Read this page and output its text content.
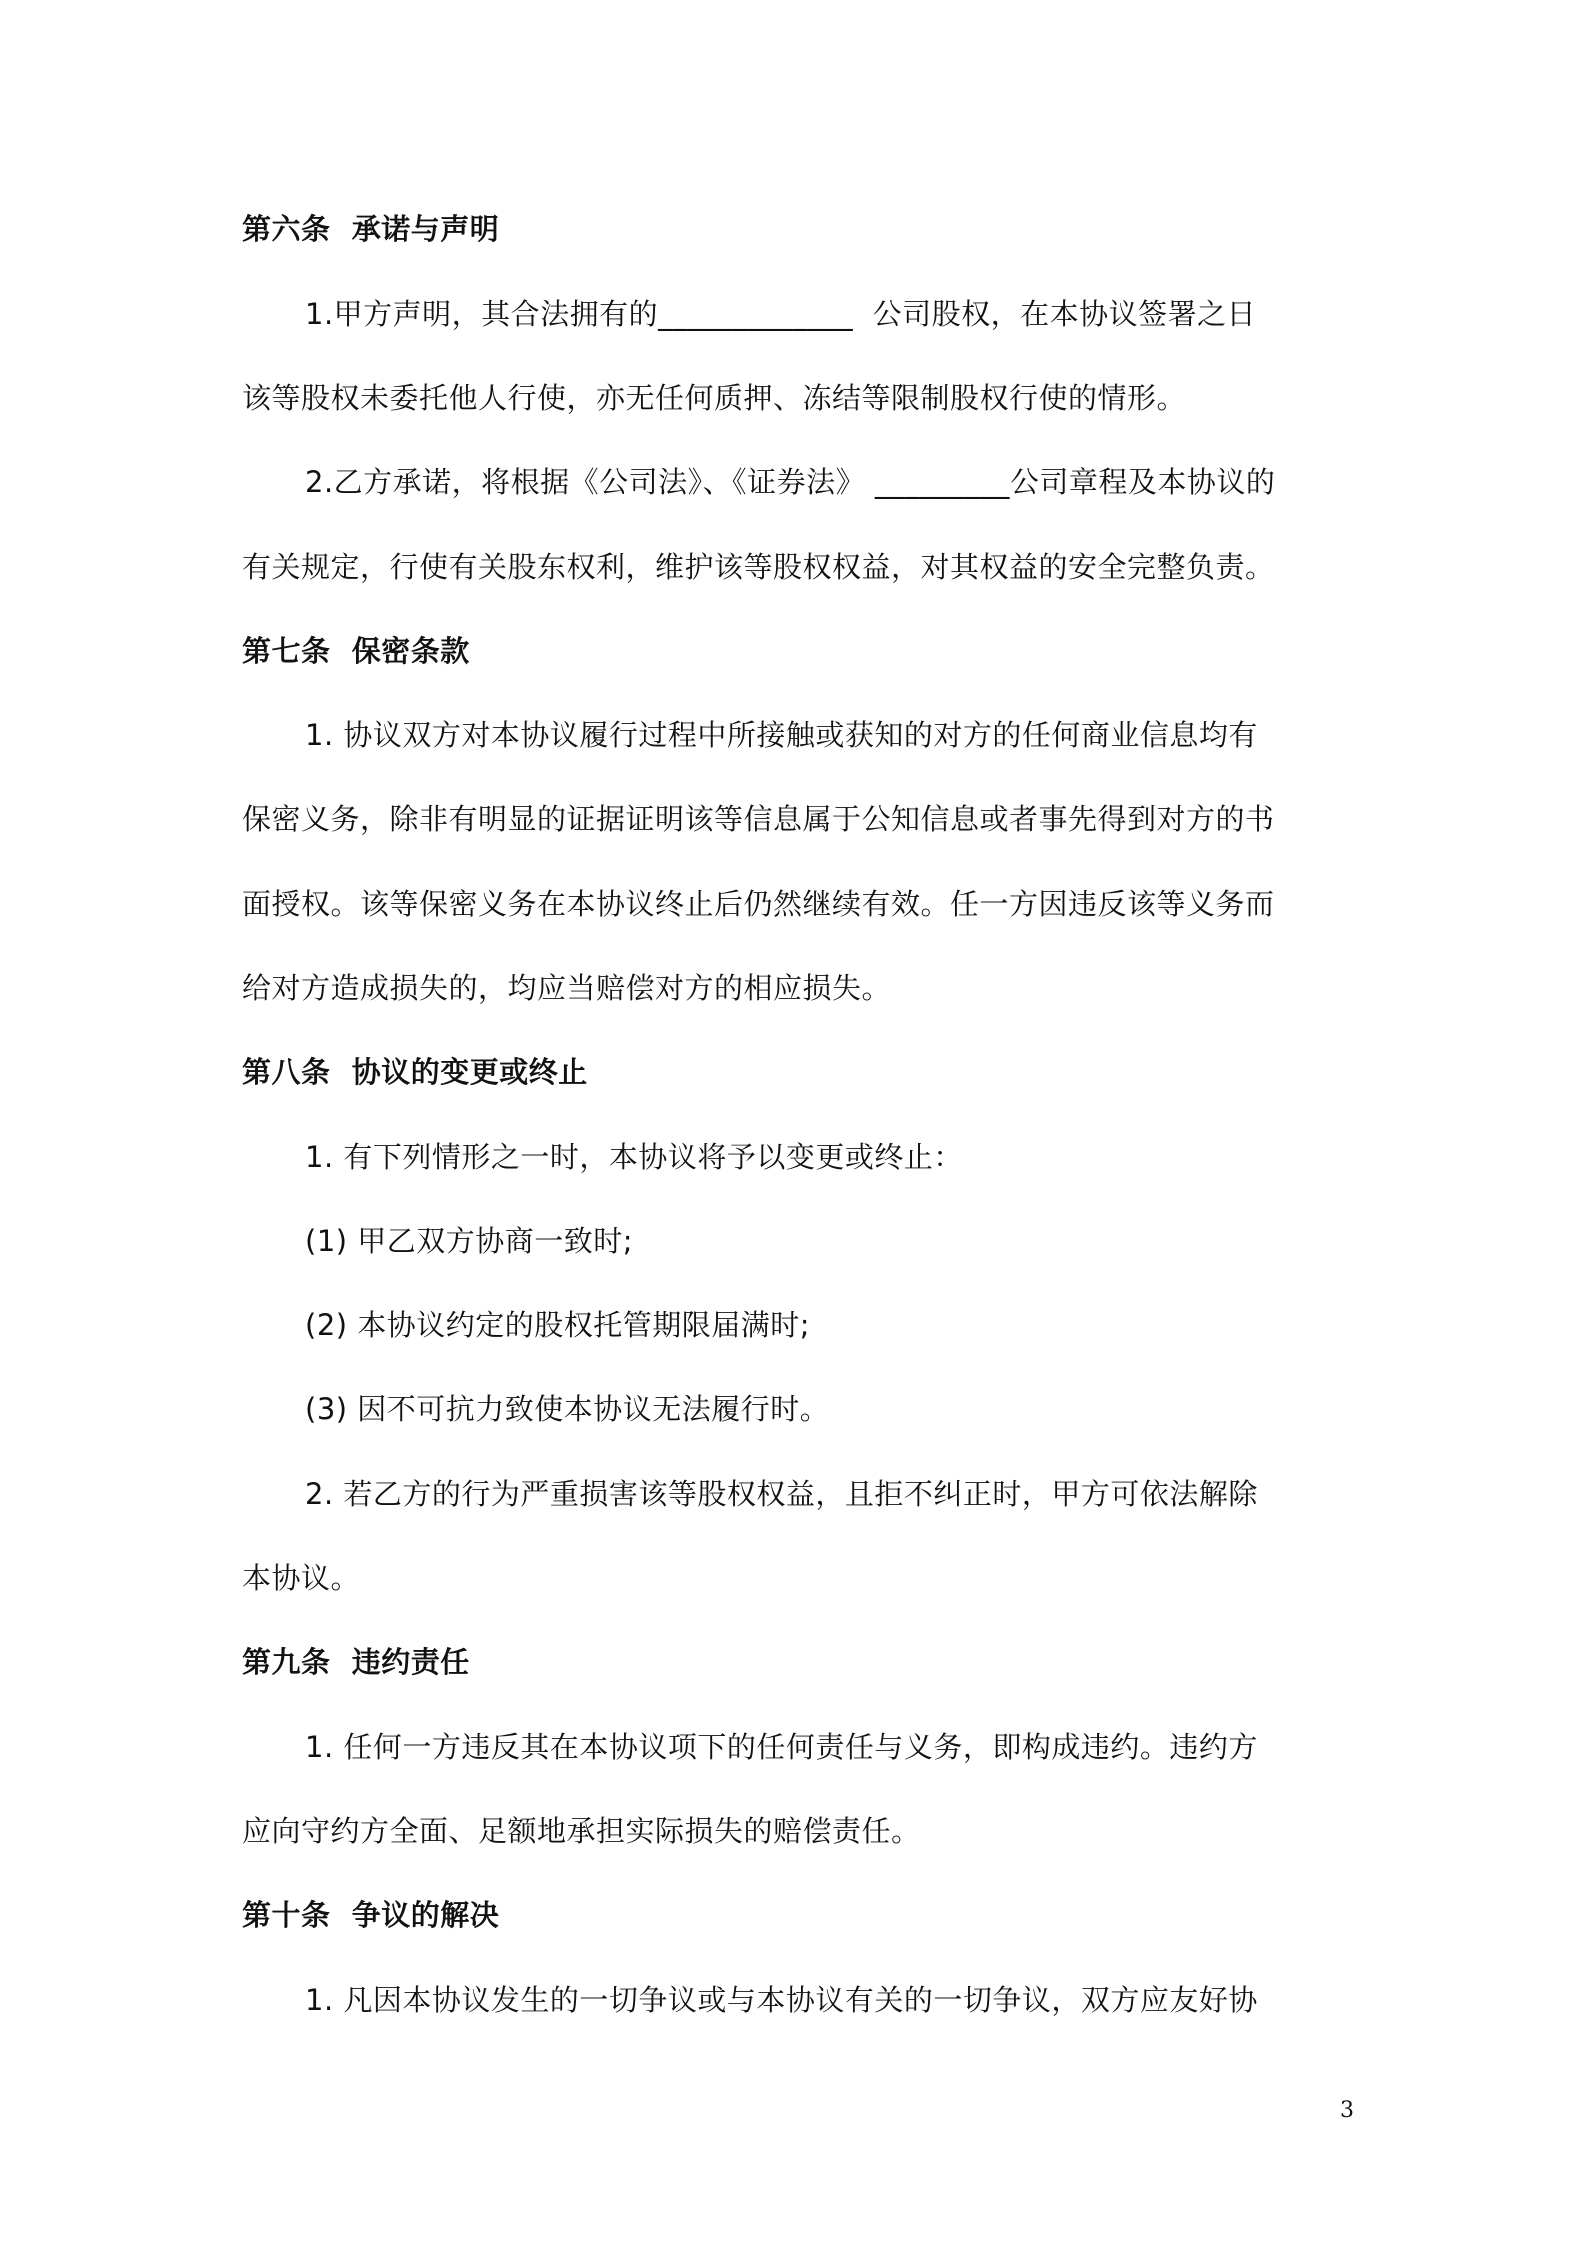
第六条  承诺与声明

1.甲方声明，其合法拥有的_____________  公司股权，在本协议签署之日

该等股权未委托他人行使，亦无任何质押、冻结等限制股权行使的情形。

2.乙方承诺，将根据《公司法》、《证券法》 _________公司章程及本协议的

有关规定，行使有关股东权利，维护该等股权权益，对其权益的安全完整负责。

第七条  保密条款

1. 协议双方对本协议履行过程中所接触或获知的对方的任何商业信息均有

保密义务，除非有明显的证据证明该等信息属于公知信息或者事先得到对方的书

面授权。该等保密义务在本协议终止后仍然继续有效。任一方因违反该等义务而

给对方造成损失的，均应当赔偿对方的相应损失。

第八条  协议的变更或终止

1. 有下列情形之一时，本协议将予以变更或终止：

(1) 甲乙双方协商一致时;

(2) 本协议约定的股权托管期限届满时;

(3) 因不可抗力致使本协议无法履行时。

2. 若乙方的行为严重损害该等股权权益，且拒不纠正时，甲方可依法解除

本协议。

第九条  违约责任

1. 任何一方违反其在本协议项下的任何责任与义务，即构成违约。违约方

应向守约方全面、足额地承担实际损失的赔偿责任。

第十条  争议的解决

1. 凡因本协议发生的一切争议或与本协议有关的一切争议，双方应友好协

3
